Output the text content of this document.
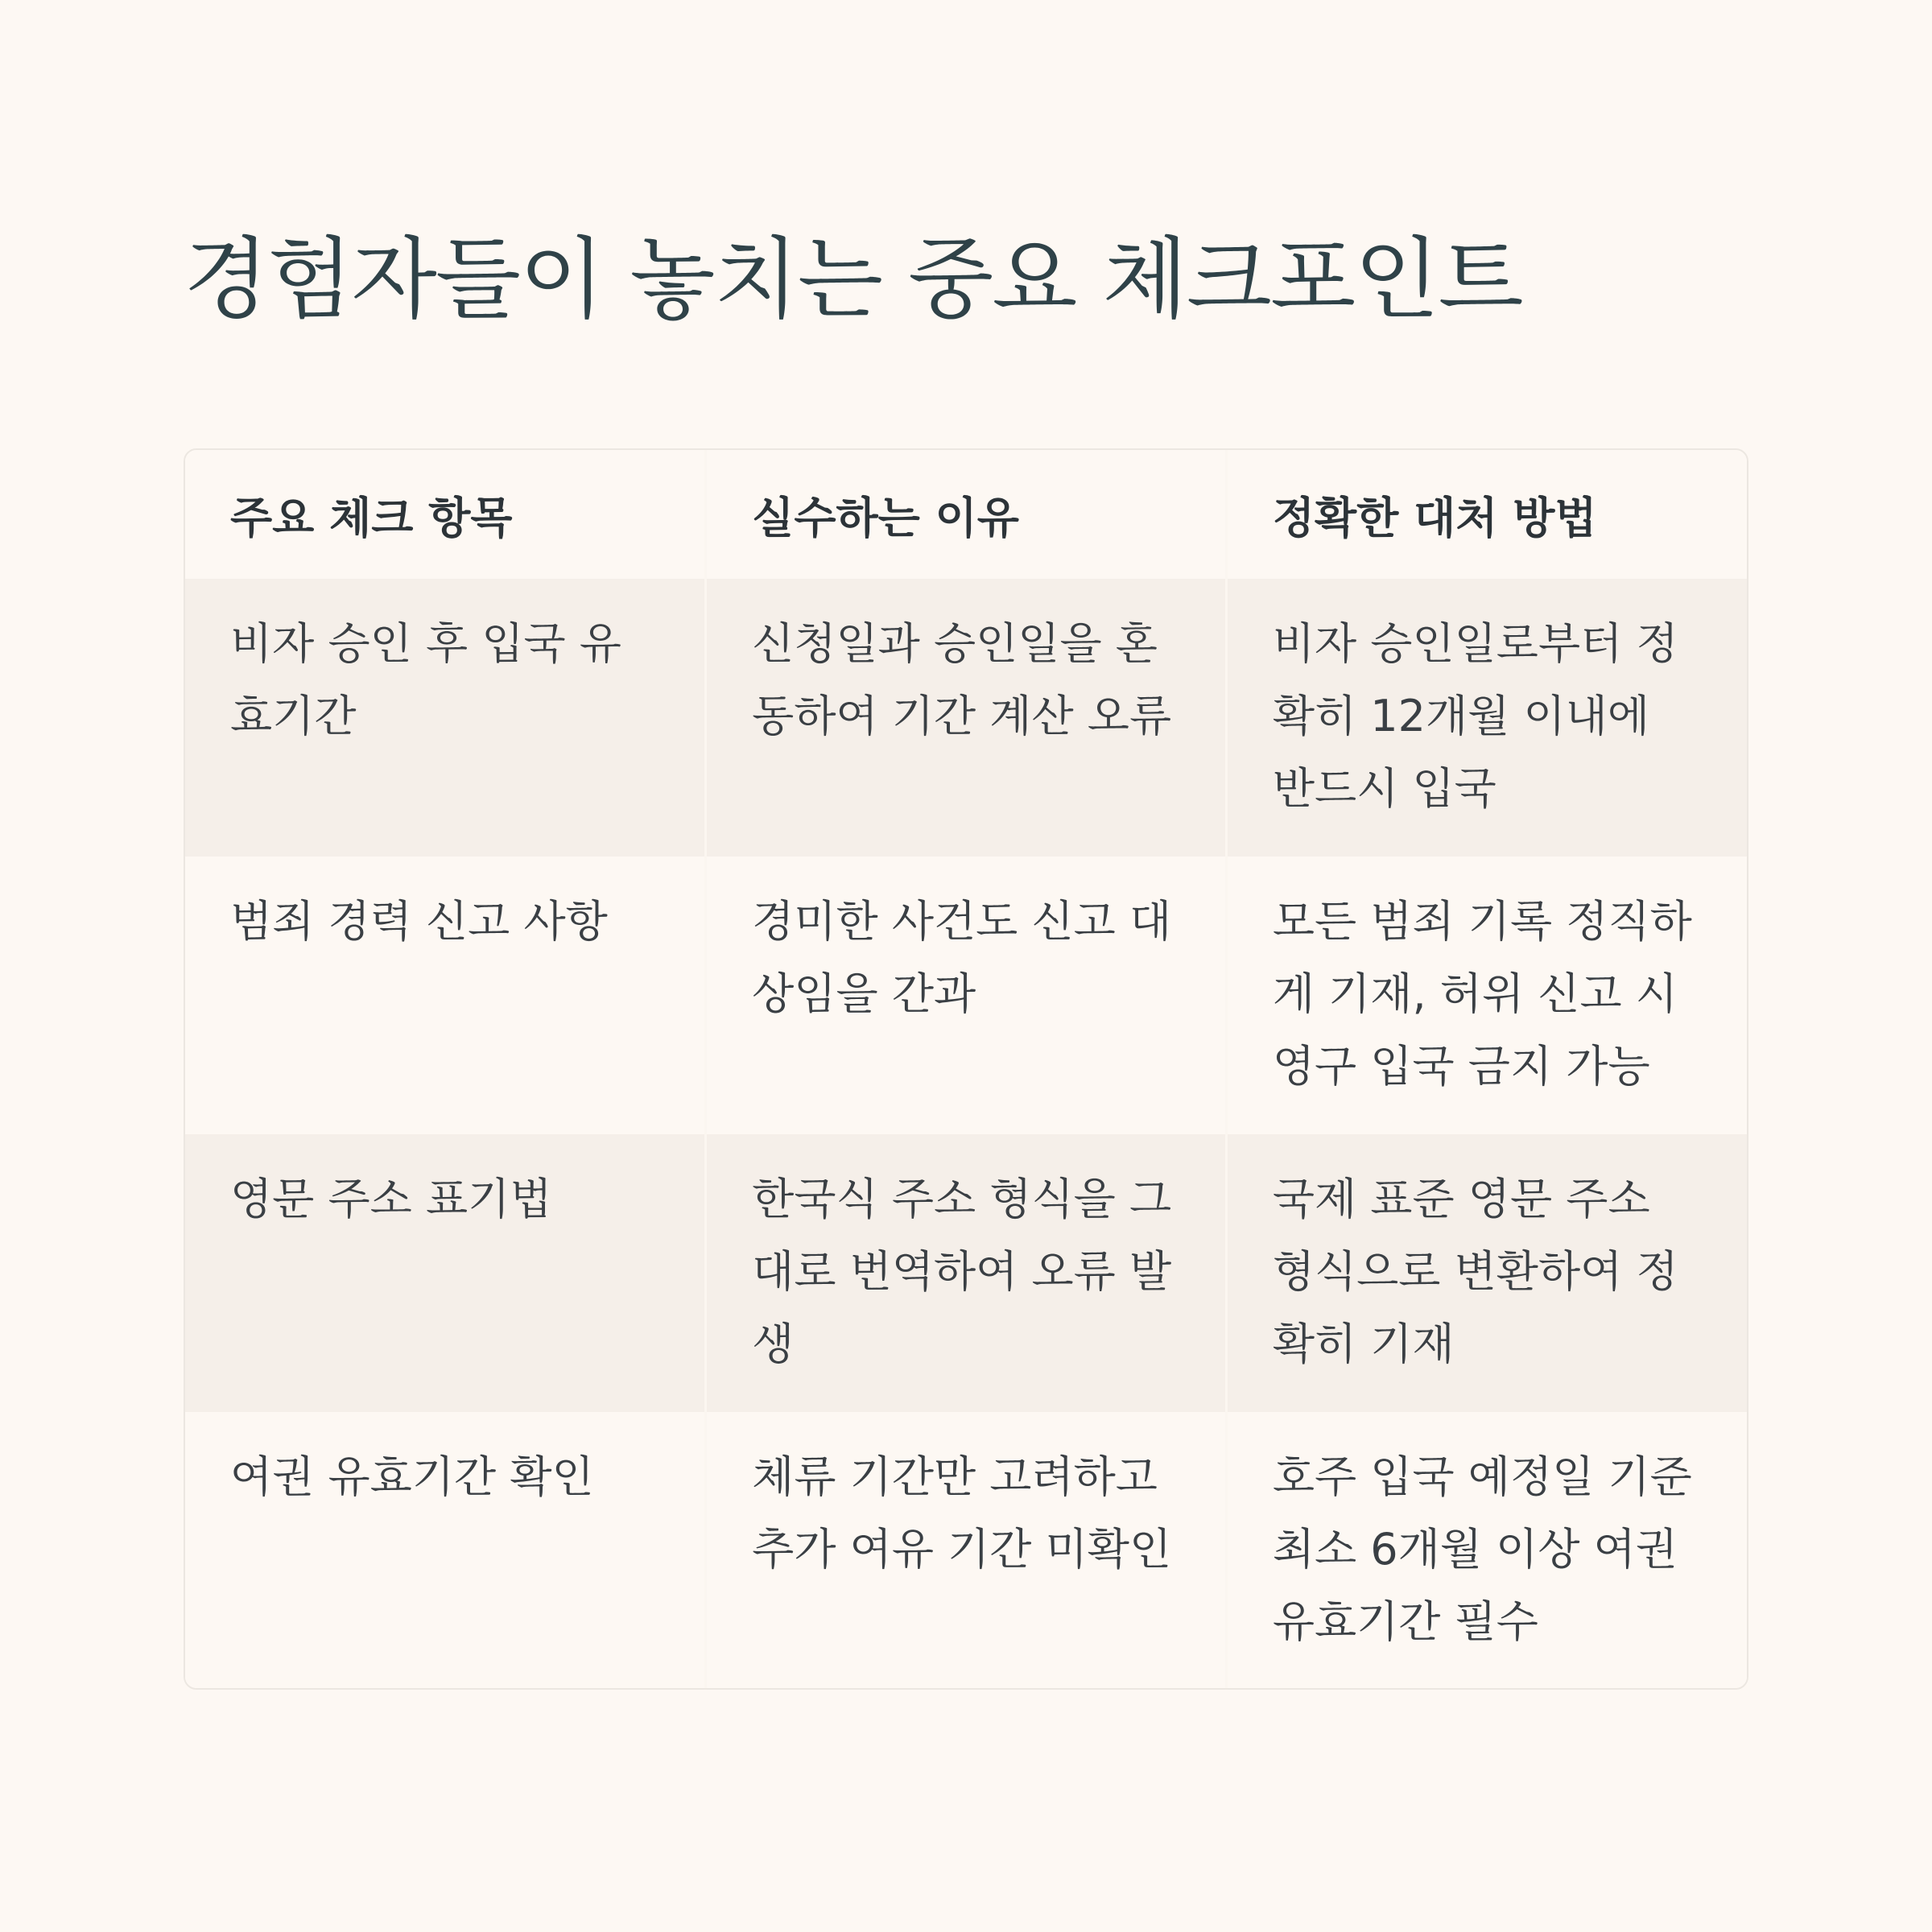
경험자들이 놓치는 중요 체크포인트
주요 체크 항목	실수하는 이유	정확한 대처 방법
비자 승인 후 입국 유효기간	신청일과 승인일을 혼동하여 기간 계산 오류	비자 승인일로부터 정확히 12개월 이내에 반드시 입국
범죄 경력 신고 사항	경미한 사건도 신고 대상임을 간과	모든 범죄 기록 정직하게 기재, 허위 신고 시 영구 입국 금지 가능
영문 주소 표기법	한국식 주소 형식을 그대로 번역하여 오류 발생	국제 표준 영문 주소 형식으로 변환하여 정확히 기재
여권 유효기간 확인	체류 기간만 고려하고 추가 여유 기간 미확인	호주 입국 예정일 기준 최소 6개월 이상 여권 유효기간 필수
